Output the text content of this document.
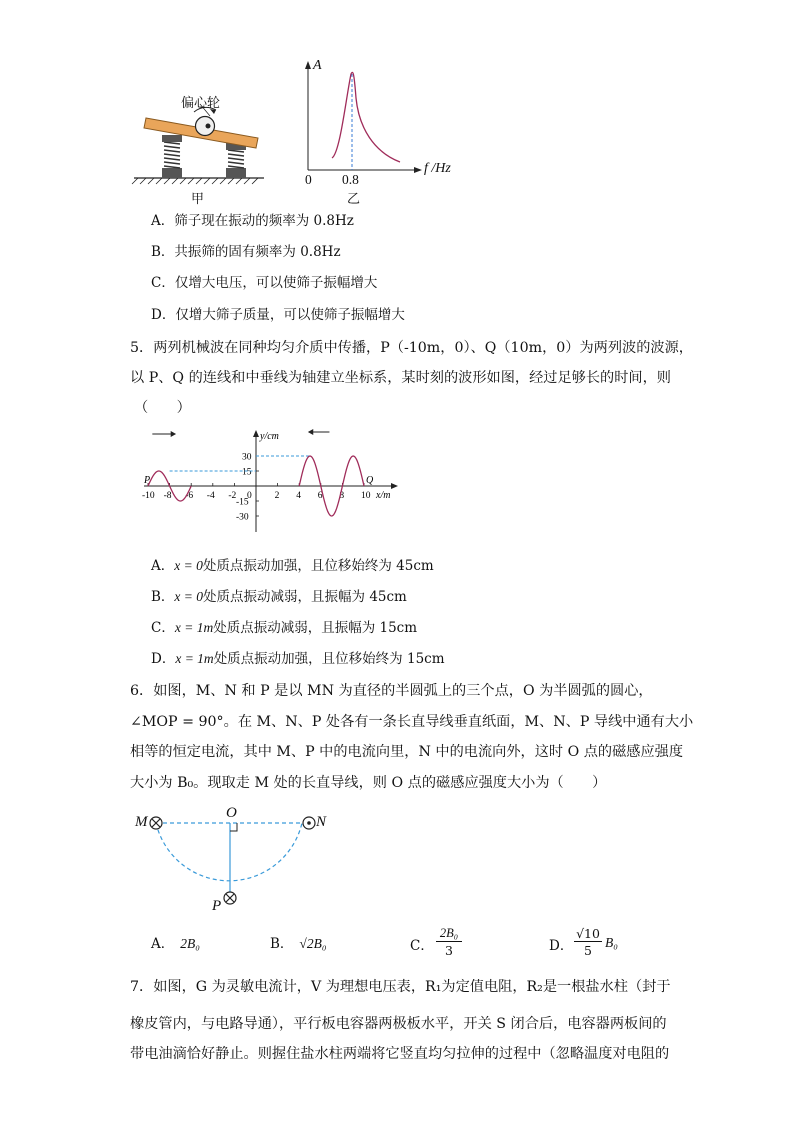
偏心轮
甲
A
f /Hz
0 0.8
乙
A．筛子现在振动的频率为 0.8Hz
B．共振筛的固有频率为 0.8Hz
C．仅增大电压，可以使筛子振幅增大
D．仅增大筛子质量，可以使筛子振幅增大
5．两列机械波在同种均匀介质中传播，P（-10m，0）、Q（10m，0）为两列波的波源，
以 P、Q 的连线和中垂线为轴建立坐标系，某时刻的波形如图，经过足够长的时间，则
（　　）
y/cm
x/m
-10 -8 -6 -4 -2 0 2 4 6 8 10
30
15
-15
-30
P	Q
A．x = 0处质点振动加强，且位移始终为 45cm
B．x = 0处质点振动减弱，且振幅为 45cm
C．x = 1m处质点振动减弱，且振幅为 15cm
D．x = 1m处质点振动加强，且位移始终为 15cm
6．如图，M、N 和 P 是以 MN 为直径的半圆弧上的三个点，O 为半圆弧的圆心，
∠MOP = 90°。在 M、N、P 处各有一条长直导线垂直纸面，M、N、P 导线中通有大小
相等的恒定电流，其中 M、P 中的电流向里，N 中的电流向外，这时 O 点的磁感应强度
大小为 B₀。现取走 M 处的长直导线，则 O 点的磁感应强度大小为（　　）
M	N
O
P
A． 2B₀	B． √2B₀	C．
2B₀
3	D．
√10
5
B₀
7．如图，G 为灵敏电流计，V 为理想电压表，R₁为定值电阻，R₂是一根盐水柱（封于
橡皮管内，与电路导通），平行板电容器两极板水平，开关 S 闭合后，电容器两板间的
带电油滴恰好静止。则握住盐水柱两端将它竖直均匀拉伸的过程中（忽略温度对电阻的
